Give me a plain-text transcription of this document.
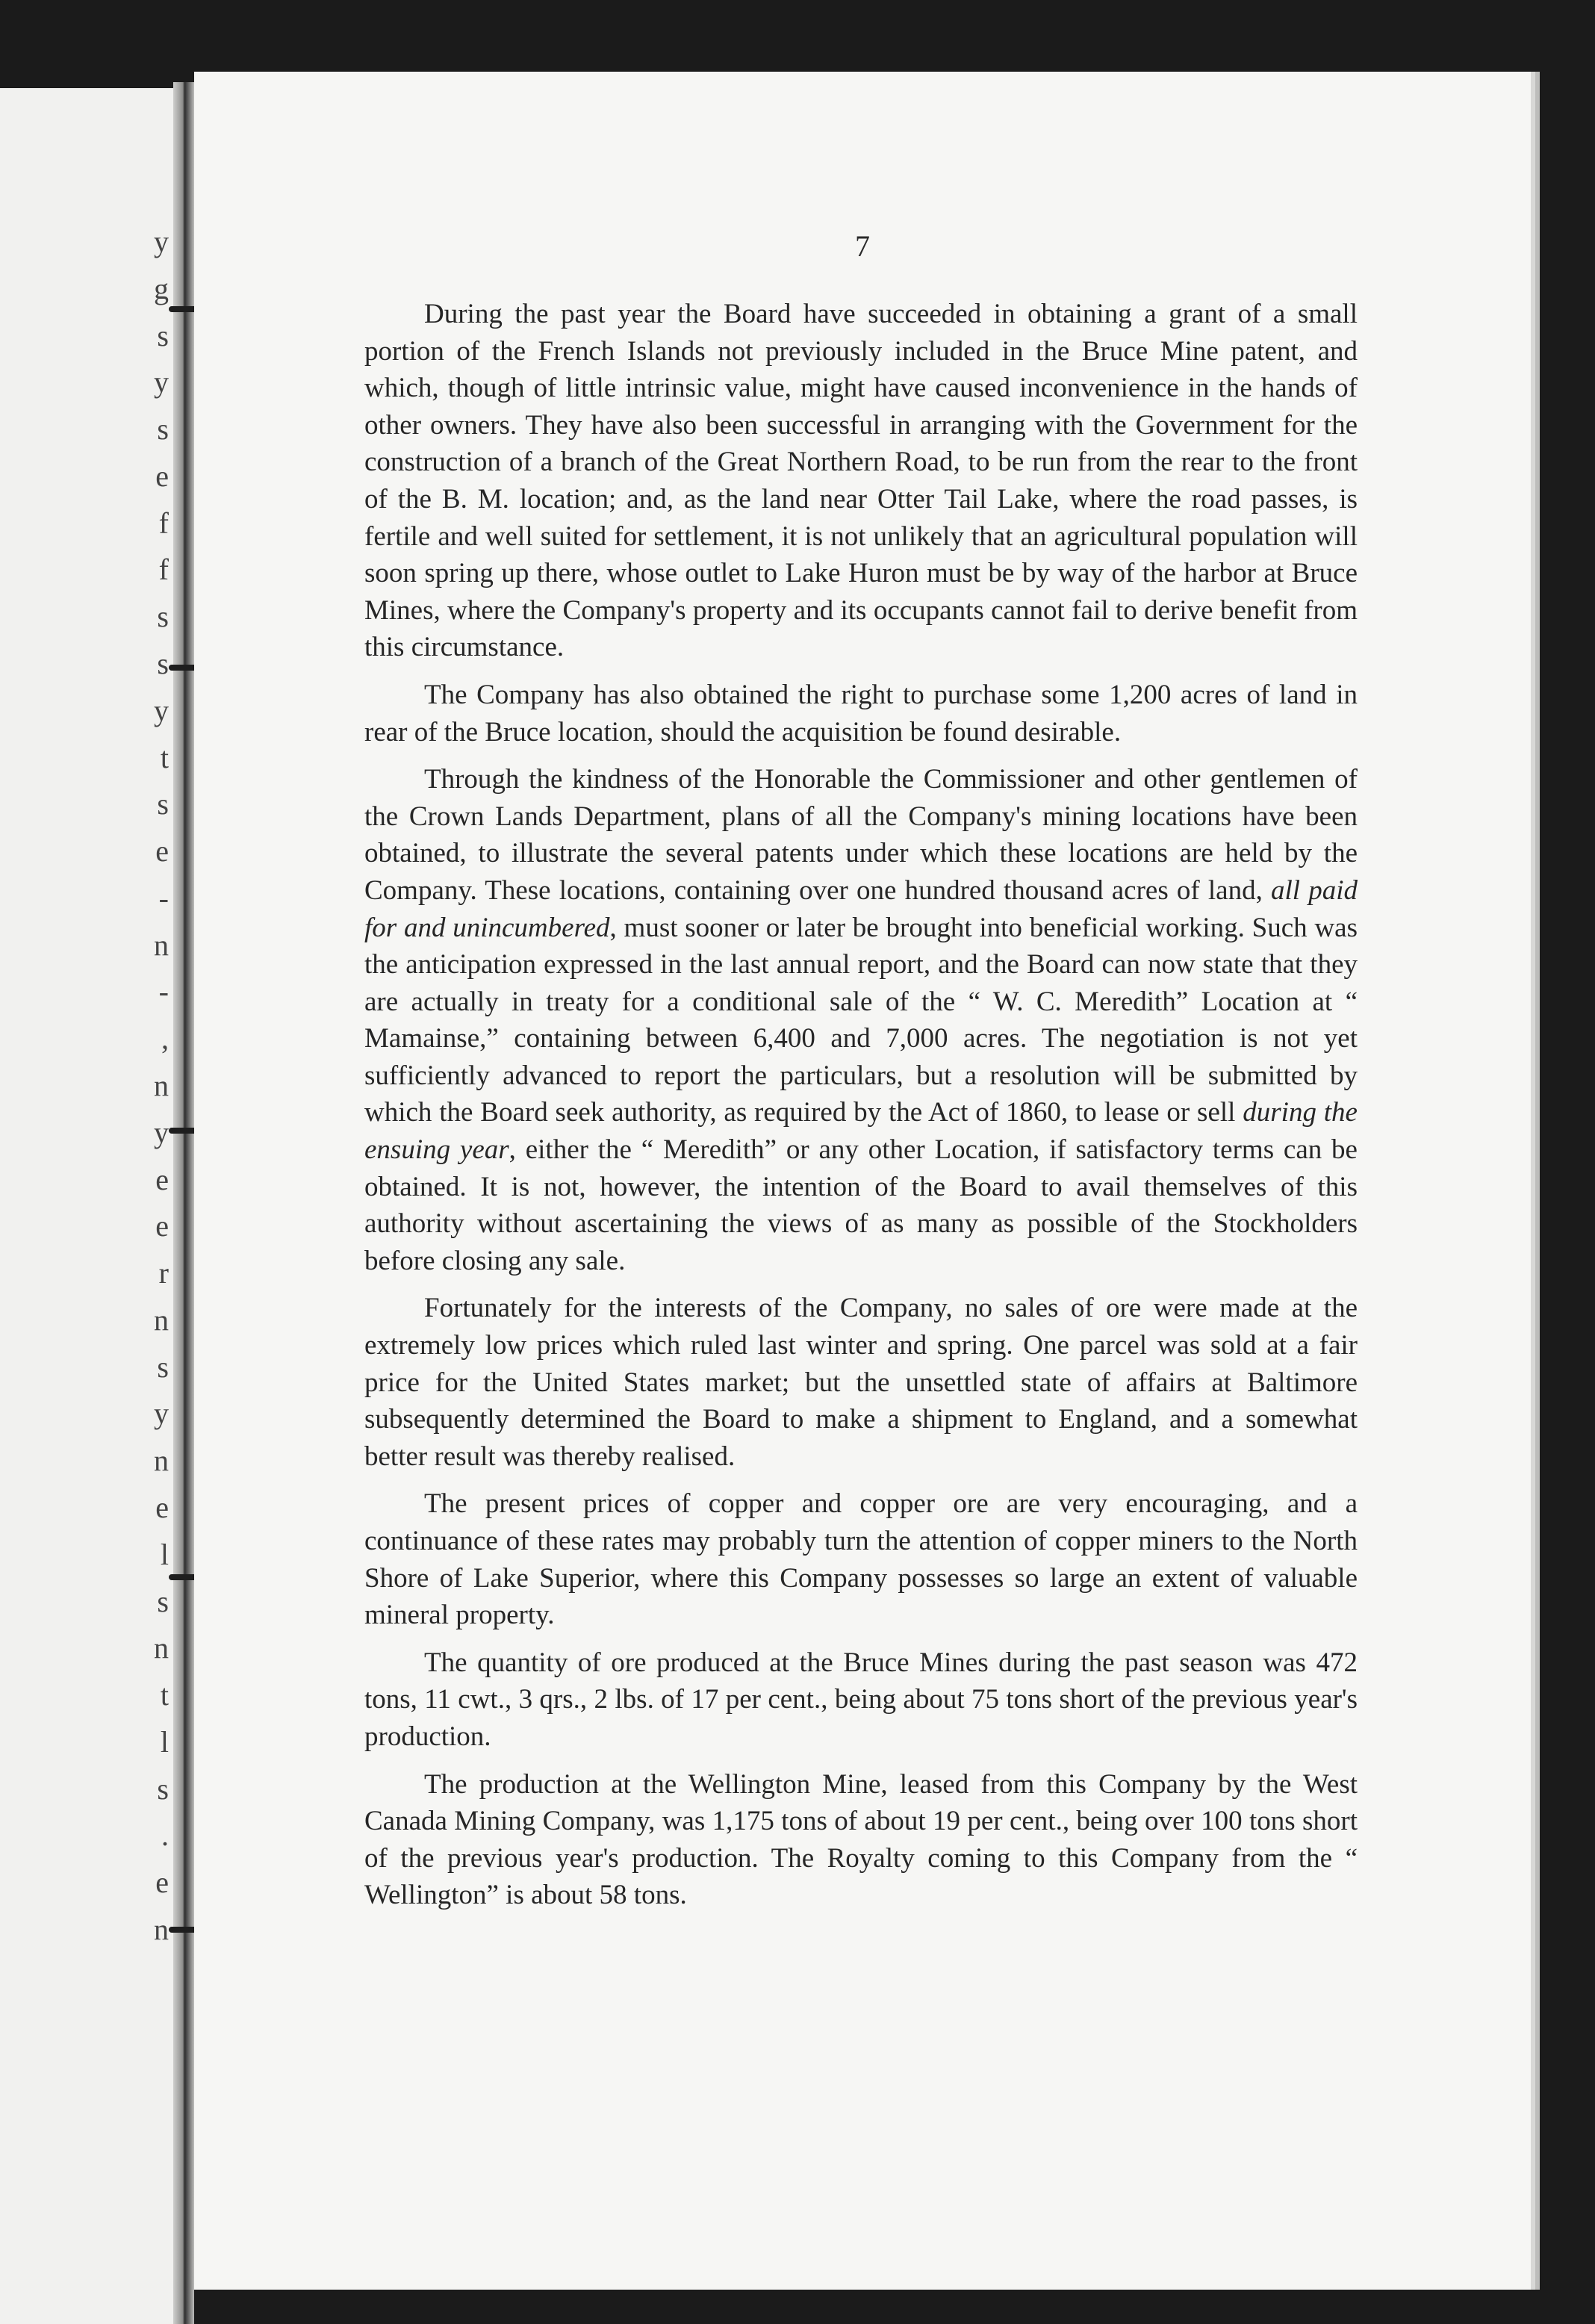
y
g
s
y
s
e
f
f
s
s
y
t
s
e
-
n
-
,
n
y
e
e
r
n
s
y
n
e
l
s
n
t
l
s
.
e
n
7

During the past year the Board have succeeded in obtaining a grant of a small portion of the French Islands not previously included in the Bruce Mine patent, and which, though of little intrinsic value, might have caused inconvenience in the hands of other owners. They have also been successful in arranging with the Government for the construction of a branch of the Great Northern Road, to be run from the rear to the front of the B. M. location; and, as the land near Otter Tail Lake, where the road passes, is fertile and well suited for settlement, it is not unlikely that an agricultural population will soon spring up there, whose outlet to Lake Huron must be by way of the harbor at Bruce Mines, where the Company's property and its occupants cannot fail to derive benefit from this circumstance.

The Company has also obtained the right to purchase some 1,200 acres of land in rear of the Bruce location, should the acquisition be found desirable.

Through the kindness of the Honorable the Commissioner and other gentlemen of the Crown Lands Department, plans of all the Company's mining locations have been obtained, to illustrate the several patents under which these locations are held by the Company. These locations, containing over one hundred thousand acres of land, all paid for and unincumbered, must sooner or later be brought into beneficial working. Such was the anticipation expressed in the last annual report, and the Board can now state that they are actually in treaty for a conditional sale of the “ W. C. Meredith” Location at “ Mamainse,” containing between 6,400 and 7,000 acres. The negotiation is not yet sufficiently advanced to report the particulars, but a resolution will be submitted by which the Board seek authority, as required by the Act of 1860, to lease or sell during the ensuing year, either the “ Meredith” or any other Location, if satisfactory terms can be obtained. It is not, however, the intention of the Board to avail themselves of this authority without ascertaining the views of as many as possible of the Stockholders before closing any sale.

Fortunately for the interests of the Company, no sales of ore were made at the extremely low prices which ruled last winter and spring. One parcel was sold at a fair price for the United States market; but the unsettled state of affairs at Baltimore subsequently determined the Board to make a shipment to England, and a somewhat better result was thereby realised.

The present prices of copper and copper ore are very encouraging, and a continuance of these rates may probably turn the attention of copper miners to the North Shore of Lake Superior, where this Company possesses so large an extent of valuable mineral property.

The quantity of ore produced at the Bruce Mines during the past season was 472 tons, 11 cwt., 3 qrs., 2 lbs. of 17 per cent., being about 75 tons short of the previous year's production.

The production at the Wellington Mine, leased from this Company by the West Canada Mining Company, was 1,175 tons of about 19 per cent., being over 100 tons short of the previous year's production. The Royalty coming to this Company from the “ Wellington” is about 58 tons.
